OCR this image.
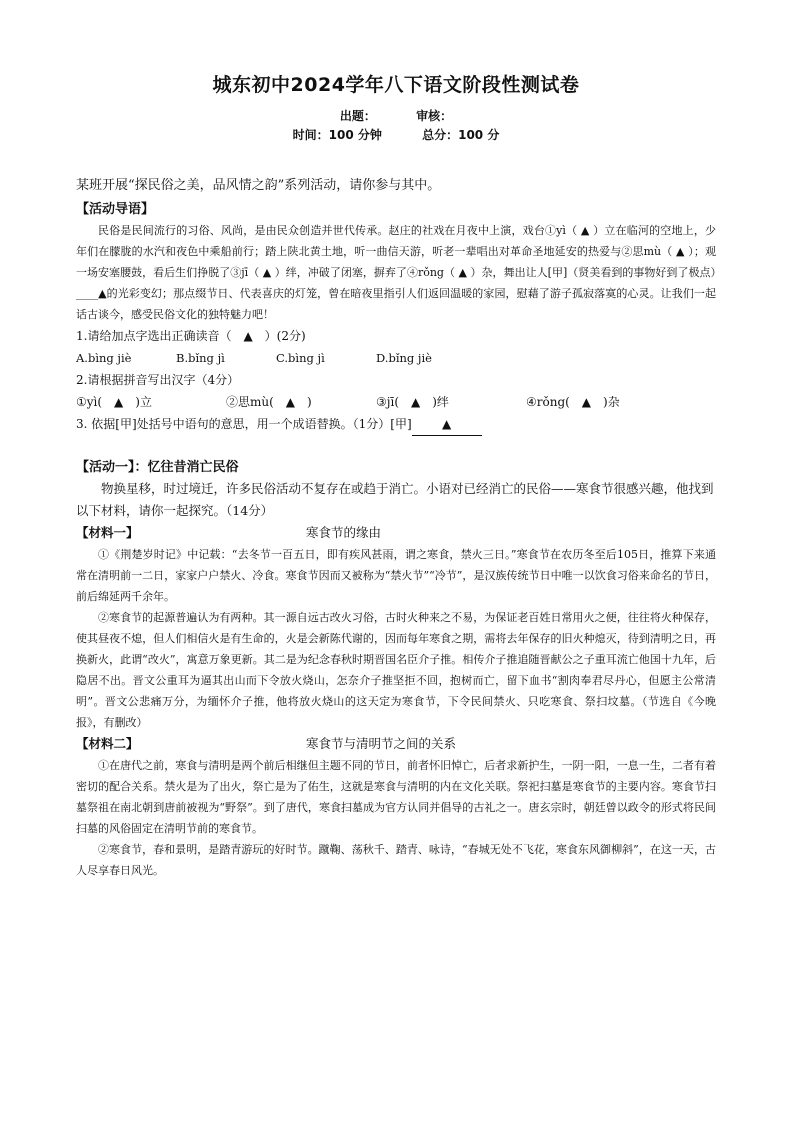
城东初中2024学年八下语文阶段性测试卷
出题：	审核：
时间：100 分钟	总分：100 分
某班开展“探民俗之美，品风情之韵”系列活动，请你参与其中。
【活动导语】

民俗是民间流行的习俗、风尚，是由民众创造并世代传承。赵庄的社戏在月夜中上演，戏台①yì（ ▲ ）立在临河的空地上，少年们在朦胧的水汽和夜色中乘船前行；踏上陕北黄土地，听一曲信天游，听老一辈唱出对革命圣地延安的热爱与②思mù（ ▲ ）；观一场安塞腰鼓，看后生们挣脱了③jī（ ▲ ）绊，冲破了闭塞，摒弃了④rǒng（ ▲ ）杂，舞出让人[甲]（贤美看到的事物好到了极点）____▲的光彩变幻；那点缀节日、代表喜庆的灯笼，曾在暗夜里指引人们返回温暖的家园，慰藉了游子孤寂落寞的心灵。让我们一起话古谈今，感受民俗文化的独特魅力吧！

1.请给加点字选出正确读音（　▲　）(2分)

A.bìng jiè	B.bǐng jì	C.bìng jì	D.bǐng jiè

2.请根据拼音写出汉字（4分）

①yì(　▲　)立	②思mù(　▲　)	③jī(　▲　)绊	④rǒng(　▲　)杂

3. 依据[甲]处括号中语句的意思，用一个成语替换。（1分）[甲]	▲

【活动一】：忆往昔消亡民俗

物换星移，时过境迁，许多民俗活动不复存在或趋于消亡。小语对已经消亡的民俗——寒食节很感兴趣，他找到以下材料，请你一起探究。（14分）

【材料一】	寒食节的缘由

①《荆楚岁时记》中记载：“去冬节一百五日，即有疾风甚雨，谓之寒食，禁火三日。”寒食节在农历冬至后105日，推算下来通常在清明前一二日，家家户户禁火、冷食。寒食节因而又被称为“禁火节”“冷节”，是汉族传统节日中唯一以饮食习俗来命名的节日，前后绵延两千余年。

②寒食节的起源普遍认为有两种。其一源自远古改火习俗，古时火种来之不易，为保证老百姓日常用火之便，往往将火种保存，使其昼夜不熄，但人们相信火是有生命的，火是会新陈代谢的，因而每年寒食之期，需将去年保存的旧火种熄灭，待到清明之日，再换新火，此谓“改火”，寓意万象更新。其二是为纪念春秋时期晋国名臣介子推。相传介子推追随晋献公之子重耳流亡他国十九年，后隐居不出。晋文公重耳为逼其出山而下令放火烧山，怎奈介子推坚拒不回，抱树而亡，留下血书“割肉奉君尽丹心，但愿主公常清明”。晋文公悲痛万分，为缅怀介子推，他将放火烧山的这天定为寒食节，下令民间禁火、只吃寒食、祭扫坟墓。（节选自《今晚报》，有删改）

【材料二】	寒食节与清明节之间的关系

①在唐代之前，寒食与清明是两个前后相继但主题不同的节日，前者怀旧悼亡，后者求新护生，一阴一阳，一息一生，二者有着密切的配合关系。禁火是为了出火，祭亡是为了佑生，这就是寒食与清明的内在文化关联。祭祀扫墓是寒食节的主要内容。寒食节扫墓祭祖在南北朝到唐前被视为“野祭”。到了唐代，寒食扫墓成为官方认同并倡导的古礼之一。唐玄宗时，朝廷曾以政令的形式将民间扫墓的风俗固定在清明节前的寒食节。

②寒食节，春和景明，是踏青游玩的好时节。蹴鞠、荡秋千、踏青、咏诗，“春城无处不飞花，寒食东风御柳斜”，在这一天，古人尽享春日风光。
